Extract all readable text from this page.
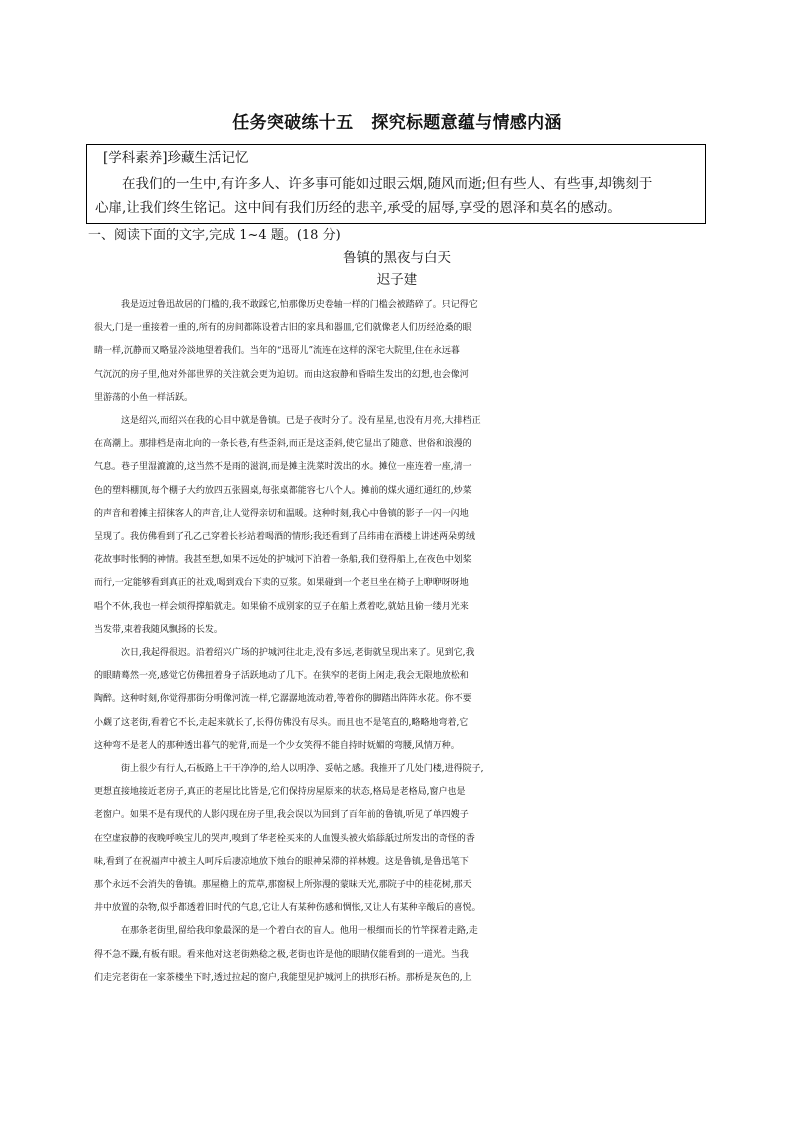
任务突破练十五 探究标题意蕴与情感内涵
[学科素养]珍藏生活记忆
在我们的一生中,有许多人、许多事可能如过眼云烟,随风而逝;但有些人、有些事,却镌刻于
心扉,让我们终生铭记。这中间有我们历经的悲辛,承受的屈辱,享受的恩泽和莫名的感动。
一、阅读下面的文字,完成 1~4 题。(18 分)
鲁镇的黑夜与白天
迟子建
我是迈过鲁迅故居的门槛的,我不敢踩它,怕那像历史卷轴一样的门槛会被踏碎了。只记得它
很大,门是一重接着一重的,所有的房间都陈设着古旧的家具和器皿,它们就像老人们历经沧桑的眼
睛一样,沉静而又略显冷淡地望着我们。当年的“迅哥儿”流连在这样的深宅大院里,住在永远暮
气沉沉的房子里,他对外部世界的关注就会更为迫切。而由这寂静和昏暗生发出的幻想,也会像河
里游荡的小鱼一样活跃。
这是绍兴,而绍兴在我的心目中就是鲁镇。已是子夜时分了。没有星星,也没有月亮,大排档正
在高潮上。那排档是南北向的一条长巷,有些歪斜,而正是这歪斜,使它显出了随意、世俗和浪漫的
气息。巷子里湿漉漉的,这当然不是雨的滋润,而是摊主洗菜时泼出的水。摊位一座连着一座,清一
色的塑料棚顶,每个棚子大约放四五张圆桌,每张桌都能容七八个人。摊前的煤火通红通红的,炒菜
的声音和着摊主招徕客人的声音,让人觉得亲切和温暖。这种时刻,我心中鲁镇的影子一闪一闪地
呈现了。我仿佛看到了孔乙己穿着长衫站着喝酒的情形;我还看到了吕纬甫在酒楼上讲述两朵剪绒
花故事时怅惘的神情。我甚至想,如果不远处的护城河下泊着一条船,我们登得船上,在夜色中划桨
而行,一定能够看到真正的社戏,喝到戏台下卖的豆浆。如果碰到一个老旦坐在椅子上咿咿呀呀地
唱个不休,我也一样会烦得撑船就走。如果偷不成别家的豆子在船上煮着吃,就姑且偷一缕月光来
当发带,束着我随风飘扬的长发。
次日,我起得很迟。沿着绍兴广场的护城河往北走,没有多远,老街就呈现出来了。见到它,我
的眼睛蓦然一亮,感觉它仿佛扭着身子活跃地动了几下。在狭窄的老街上闲走,我会无限地放松和
陶醉。这种时刻,你觉得那街分明像河流一样,它潺潺地流动着,等着你的脚踏出阵阵水花。你不要
小觑了这老街,看着它不长,走起来就长了,长得仿佛没有尽头。而且也不是笔直的,略略地弯着,它
这种弯不是老人的那种透出暮气的驼背,而是一个少女笑得不能自持时妩媚的弯腰,风情万种。
街上很少有行人,石板路上干干净净的,给人以明净、妥帖之感。我推开了几处门楼,进得院子,
更想直接地接近老房子,真正的老屋比比皆是,它们保持房屋原来的状态,格局是老格局,窗户也是
老窗户。如果不是有现代的人影闪现在房子里,我会误以为回到了百年前的鲁镇,听见了单四嫂子
在空虚寂静的夜晚呼唤宝儿的哭声,嗅到了华老栓买来的人血馒头被火焰舔舐过所发出的奇怪的香
味,看到了在祝福声中被主人呵斥后凄凉地放下烛台的眼神呆滞的祥林嫂。这是鲁镇,是鲁迅笔下
那个永远不会消失的鲁镇。那屋檐上的荒草,那窗棂上所弥漫的蒙昧天光,那院子中的桂花树,那天
井中放置的杂物,似乎都透着旧时代的气息,它让人有某种伤感和惆怅,又让人有某种辛酸后的喜悦。
在那条老街里,留给我印象最深的是一个着白衣的盲人。他用一根细而长的竹竿探着走路,走
得不急不躁,有板有眼。看来他对这老街熟稔之极,老街也许是他的眼睛仅能看到的一道光。当我
们走完老街在一家茶楼坐下时,透过拉起的窗户,我能望见护城河上的拱形石桥。那桥是灰色的,上
